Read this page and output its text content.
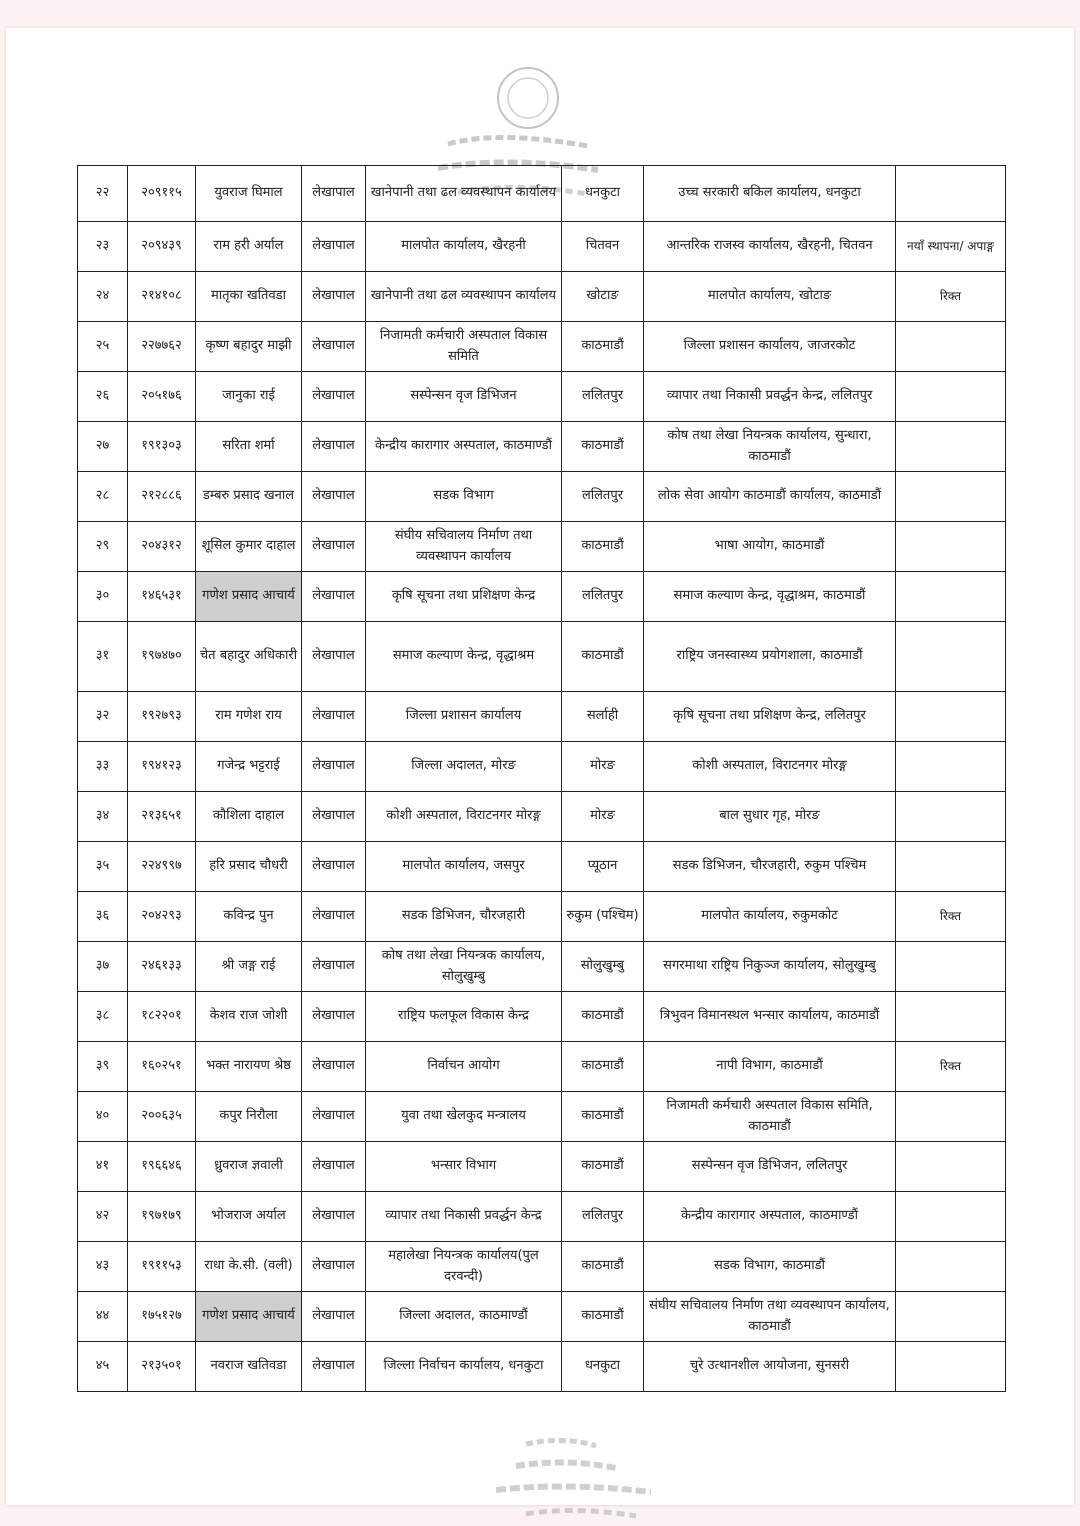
२२	२०९११५	युवराज घिमाल	लेखापाल	खानेपानी तथा ढल व्यवस्थापन कार्यालय	धनकुटा	उच्च सरकारी बकिल कार्यालय, धनकुटा	
२३	२०९४३९	राम हरी अर्याल	लेखापाल	मालपोत कार्यालय, खैरहनी	चितवन	आन्तरिक राजस्व कार्यालय, खैरहनी, चितवन	नयाँ स्थापना/ अपाङ्ग
२४	२१४१०८	मातृका खतिवडा	लेखापाल	खानेपानी तथा ढल व्यवस्थापन कार्यालय	खोटाङ	मालपोत कार्यालय, खोटाङ	रिक्त
२५	२२७७६२	कृष्ण बहादुर माझी	लेखापाल	निजामती कर्मचारी अस्पताल विकास समिति	काठमाडौं	जिल्ला प्रशासन कार्यालय, जाजरकोट	
२६	२०५१७६	जानुका राई	लेखापाल	सस्पेन्सन वृज डिभिजन	ललितपुर	व्यापार तथा निकासी प्रवर्द्धन केन्द्र, ललितपुर	
२७	१९१३०३	सरिता शर्मा	लेखापाल	केन्द्रीय कारागार अस्पताल, काठमाण्डौं	काठमाडौं	कोष तथा लेखा नियन्त्रक कार्यालय, सुन्धारा, काठमाडौं	
२८	२१२८८६	डम्बरु प्रसाद खनाल	लेखापाल	सडक विभाग	ललितपुर	लोक सेवा आयोग काठमाडौं कार्यालय, काठमाडौं	
२९	२०४३१२	शूसिल कुमार दाहाल	लेखापाल	संघीय सचिवालय निर्माण तथा व्यवस्थापन कार्यालय	काठमाडौं	भाषा आयोग, काठमाडौं	
३०	१४६५३१	गणेश प्रसाद आचार्य	लेखापाल	कृषि सूचना तथा प्रशिक्षण केन्द्र	ललितपुर	समाज कल्याण केन्द्र, वृद्धाश्रम, काठमाडौं	
३१	१९७४७०	चेत बहादुर अधिकारी	लेखापाल	समाज कल्याण केन्द्र, वृद्धाश्रम	काठमाडौं	राष्ट्रिय जनस्वास्थ्य प्रयोगशाला, काठमाडौं	
३२	१९२७९३	राम गणेश राय	लेखापाल	जिल्ला प्रशासन कार्यालय	सर्लाही	कृषि सूचना तथा प्रशिक्षण केन्द्र, ललितपुर	
३३	१९४१२३	गजेन्द्र भट्टराई	लेखापाल	जिल्ला अदालत, मोरङ	मोरङ	कोशी अस्पताल, विराटनगर मोरङ्ग	
३४	२१३६५१	कौशिला दाहाल	लेखापाल	कोशी अस्पताल, विराटनगर मोरङ्ग	मोरङ	बाल सुधार गृह, मोरङ	
३५	२२४९९७	हरि प्रसाद चौधरी	लेखापाल	मालपोत कार्यालय, जसपुर	प्यूठान	सडक डिभिजन, चौरजहारी, रुकुम पश्चिम	
३६	२०४२९३	कविन्द्र पुन	लेखापाल	सडक डिभिजन, चौरजहारी	रुकुम (पश्चिम)	मालपोत कार्यालय, रुकुमकोट	रिक्त
३७	२४६१३३	श्री जङ्ग राई	लेखापाल	कोष तथा लेखा नियन्त्रक कार्यालय, सोलुखुम्बु	सोलुखुम्बु	सगरमाथा राष्ट्रिय निकुञ्ज कार्यालय, सोलुखुम्बु	
३८	१८२२०१	केशव राज जोशी	लेखापाल	राष्ट्रिय फलफूल विकास केन्द्र	काठमाडौं	त्रिभुवन विमानस्थल भन्सार कार्यालय, काठमाडौं	
३९	१६०२५१	भक्त नारायण श्रेष्ठ	लेखापाल	निर्वाचन आयोग	काठमाडौं	नापी विभाग, काठमाडौं	रिक्त
४०	२००६३५	कपुर निरौला	लेखापाल	युवा तथा खेलकुद मन्त्रालय	काठमाडौं	निजामती कर्मचारी अस्पताल विकास समिति, काठमाडौं	
४१	१९६६४६	ध्रुवराज ज्ञवाली	लेखापाल	भन्सार विभाग	काठमाडौं	सस्पेन्सन वृज डिभिजन, ललितपुर	
४२	१९७१७९	भोजराज अर्याल	लेखापाल	व्यापार तथा निकासी प्रवर्द्धन केन्द्र	ललितपुर	केन्द्रीय कारागार अस्पताल, काठमाण्डौं	
४३	१९११५३	राधा के.सी. (वली)	लेखापाल	महालेखा नियन्त्रक कार्यालय(पुल दरवन्दी)	काठमाडौं	सडक विभाग, काठमाडौं	
४४	१७५१२७	गणेश प्रसाद आचार्य	लेखापाल	जिल्ला अदालत, काठमाण्डौं	काठमाडौं	संघीय सचिवालय निर्माण तथा व्यवस्थापन कार्यालय, काठमाडौं	
४५	२१३५०१	नवराज खतिवडा	लेखापाल	जिल्ला निर्वाचन कार्यालय, धनकुटा	धनकुटा	चुरे उत्थानशील आयोजना, सुनसरी	
